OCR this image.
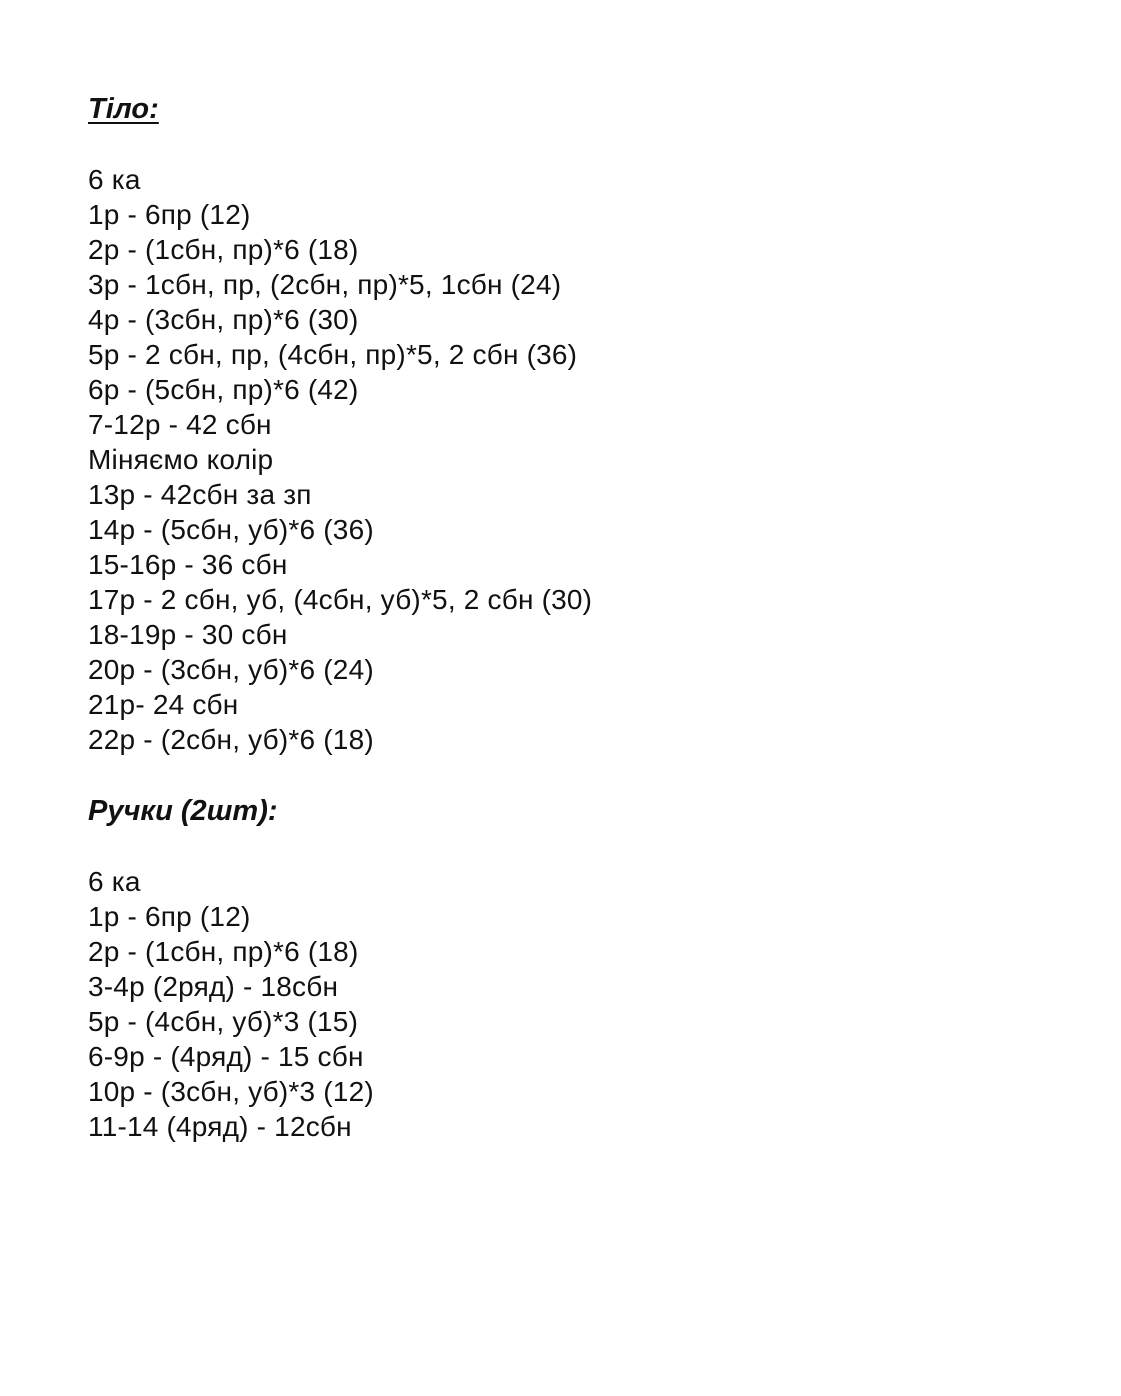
Тіло:
6 ка
1р - 6пр (12)
2р - (1сбн, пр)*6 (18)
3р - 1сбн, пр, (2сбн, пр)*5, 1сбн (24)
4р - (3сбн, пр)*6 (30)
5р - 2 сбн, пр, (4сбн, пр)*5, 2 сбн (36)
6р - (5сбн, пр)*6 (42)
7-12р - 42 сбн
Міняємо колір
13р - 42сбн за зп
14р - (5сбн, уб)*6 (36)
15-16р - 36 сбн
17р - 2 сбн, уб, (4сбн, уб)*5, 2 сбн (30)
18-19р - 30 сбн
20р - (3сбн, уб)*6 (24)
21р- 24 сбн
22р - (2сбн, уб)*6 (18)
Ручки (2шт):
6 ка
1р - 6пр (12)
2р - (1сбн, пр)*6 (18)
3-4р (2ряд) - 18сбн
5р - (4сбн, уб)*3 (15)
6-9р - (4ряд) - 15 сбн
10р - (3сбн, уб)*3 (12)
11-14 (4ряд) - 12сбн
